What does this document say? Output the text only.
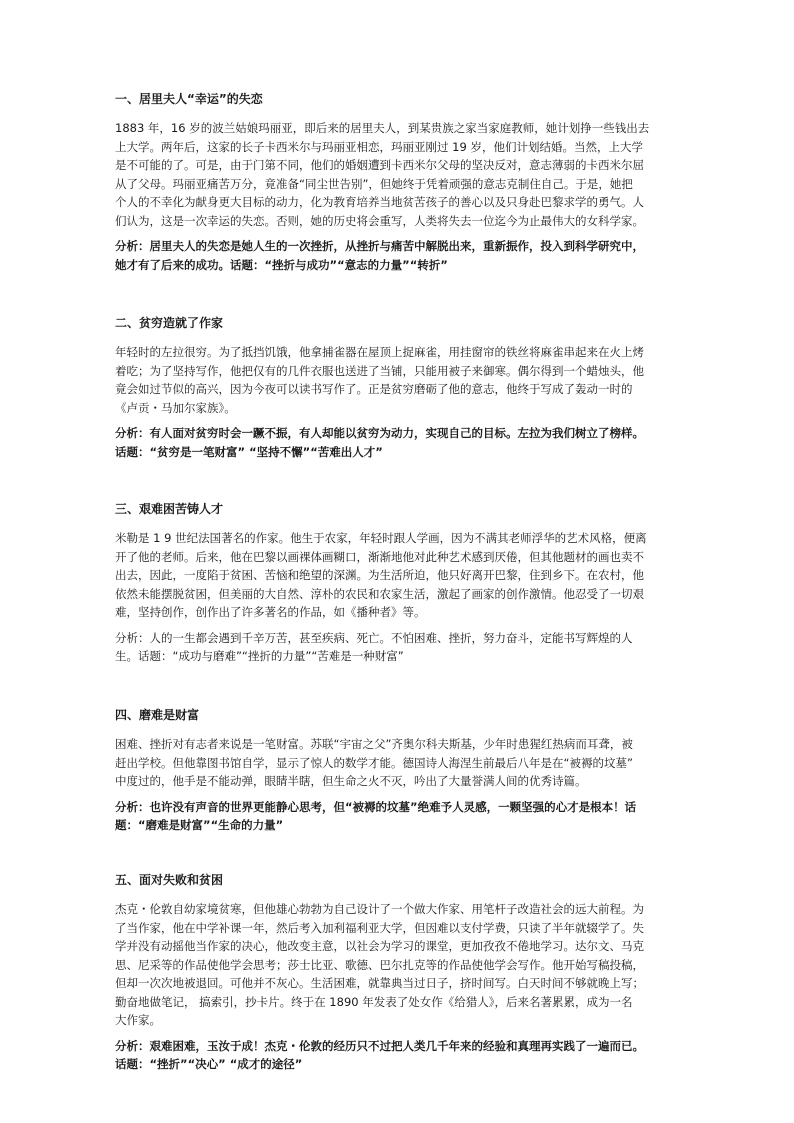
一、居里夫人“幸运”的失恋
1883 年，16 岁的波兰姑娘玛丽亚，即后来的居里夫人，到某贵族之家当家庭教师，她计划挣一些钱出去
上大学。两年后，这家的长子卡西米尔与玛丽亚相恋，玛丽亚刚过 19 岁，他们计划结婚。当然，上大学
是不可能的了。可是，由于门第不同，他们的婚姻遭到卡西米尔父母的坚决反对，意志薄弱的卡西米尔屈
从了父母。玛丽亚痛苦万分，竟准备“同尘世告别”，但她终于凭着顽强的意志克制住自己。于是，她把
个人的不幸化为献身更大目标的动力，化为教育培养当地贫苦孩子的善心以及只身赴巴黎求学的勇气。人
们认为，这是一次幸运的失恋。否则，她的历史将会重写，人类将失去一位迄今为止最伟大的女科学家。
分析：居里夫人的失恋是她人生的一次挫折，从挫折与痛苦中解脱出来，重新振作，投入到科学研究中，
她才有了后来的成功。话题：“挫折与成功”“意志的力量”“转折”
二、贫穷造就了作家
年轻时的左拉很穷。为了抵挡饥饿，他拿捕雀器在屋顶上捉麻雀，用挂窗帘的铁丝将麻雀串起来在火上烤
着吃；为了坚持写作，他把仅有的几件衣服也送进了当铺，只能用被子来御寒。偶尔得到一个蜡烛头，他
竟会如过节似的高兴，因为今夜可以读书写作了。正是贫穷磨砺了他的意志，他终于写成了轰动一时的
《卢贡・马加尔家族》。
分析：有人面对贫穷时会一蹶不振，有人却能以贫穷为动力，实现自己的目标。左拉为我们树立了榜样。
话题：“贫穷是一笔财富” “坚持不懈”“苦难出人才”
三、艰难困苦铸人才
米勒是 1 9 世纪法国著名的作家。他生于农家，年轻时跟人学画，因为不满其老师浮华的艺术风格，便离
开了他的老师。后来，他在巴黎以画裸体画糊口，渐渐地他对此种艺术感到厌倦，但其他题材的画也卖不
出去，因此，一度陷于贫困、苦恼和绝望的深渊。为生活所迫，他只好离开巴黎，住到乡下。在农村，他
依然未能摆脱贫困，但美丽的大自然、淳朴的农民和农家生活，激起了画家的创作激情。他忍受了一切艰
难，坚持创作，创作出了许多著名的作品，如《播种者》等。
分析：人的一生都会遇到千辛万苦，甚至疾病、死亡。不怕困难、挫折，努力奋斗，定能书写辉煌的人
生。话题：“成功与磨难”“挫折的力量”“苦难是一种财富”
四、磨难是财富
困难、挫折对有志者来说是一笔财富。苏联“宇宙之父”齐奥尔科夫斯基，少年时患猩红热病而耳聋，被
赶出学校。但他靠图书馆自学，显示了惊人的数学才能。德国诗人海涅生前最后八年是在“被褥的坟墓”
中度过的，他手是不能动弹，眼睛半瞎，但生命之火不灭，吟出了大量誉满人间的优秀诗篇。
分析：也许没有声音的世界更能静心思考，但“被褥的坟墓”绝难予人灵感，一颗坚强的心才是根本！话
题：“磨难是财富”“生命的力量”
五、面对失败和贫困
杰克・伦敦自幼家境贫寒，但他雄心勃勃为自己设计了一个做大作家、用笔杆子改造社会的远大前程。为
了当作家，他在中学补课一年，然后考入加利福利亚大学，但因难以支付学费，只读了半年就辍学了。失
学并没有动摇他当作家的决心，他改变主意，以社会为学习的课堂，更加孜孜不倦地学习。达尔文、马克
思、尼采等的作品使他学会思考；莎士比亚、歌德、巴尔扎克等的作品使他学会写作。他开始写稿投稿，
但却一次次地被退回。可他并不灰心。生活困难，就靠典当过日子，挤时间写。白天时间不够就晚上写；
勤奋地做笔记， 搞索引，抄卡片。终于在 1890 年发表了处女作《给猎人》，后来名著累累，成为一名
大作家。
分析：艰难困难，玉汝于成！杰克・伦敦的经历只不过把人类几千年来的经验和真理再实践了一遍而已。
话题：“挫折”“决心” “成才的途径”
